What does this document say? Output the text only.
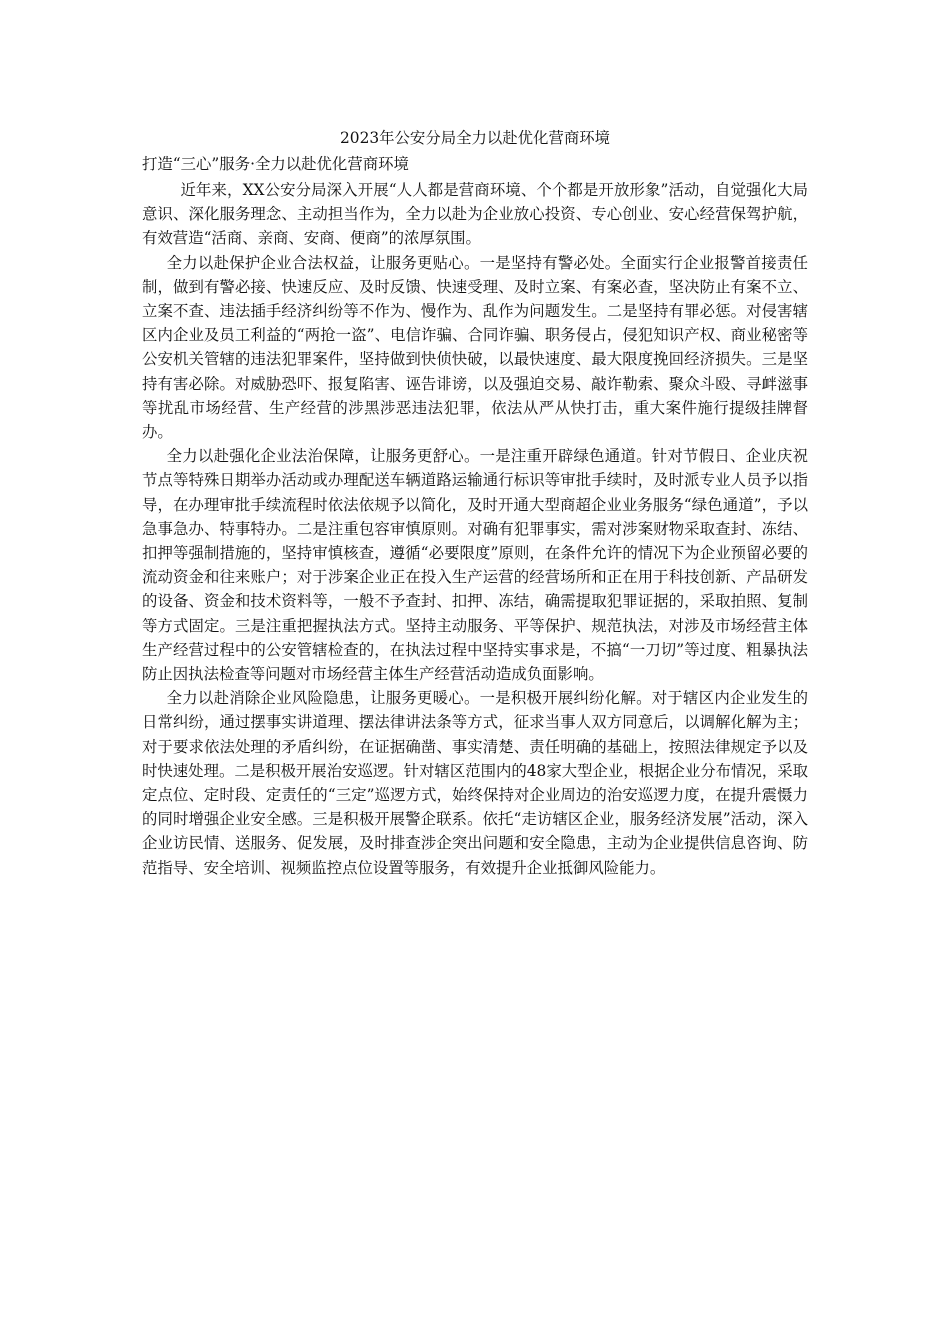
2023年公安分局全力以赴优化营商环境

打造“三心”服务·全力以赴优化营商环境

近年来，XX公安分局深入开展“人人都是营商环境、个个都是开放形象”活动，自觉强化大局意识、深化服务理念、主动担当作为，全力以赴为企业放心投资、专心创业、安心经营保驾护航，有效营造“活商、亲商、安商、便商”的浓厚氛围。

全力以赴保护企业合法权益，让服务更贴心。一是坚持有警必处。全面实行企业报警首接责任制，做到有警必接、快速反应、及时反馈、快速受理、及时立案、有案必查，坚决防止有案不立、立案不查、违法插手经济纠纷等不作为、慢作为、乱作为问题发生。二是坚持有罪必惩。对侵害辖区内企业及员工利益的“两抢一盗”、电信诈骗、合同诈骗、职务侵占，侵犯知识产权、商业秘密等公安机关管辖的违法犯罪案件，坚持做到快侦快破，以最快速度、最大限度挽回经济损失。三是坚持有害必除。对威胁恐吓、报复陷害、诬告诽谤，以及强迫交易、敲诈勒索、聚众斗殴、寻衅滋事等扰乱市场经营、生产经营的涉黑涉恶违法犯罪，依法从严从快打击，重大案件施行提级挂牌督办。

全力以赴强化企业法治保障，让服务更舒心。一是注重开辟绿色通道。针对节假日、企业庆祝节点等特殊日期举办活动或办理配送车辆道路运输通行标识等审批手续时，及时派专业人员予以指导，在办理审批手续流程时依法依规予以简化，及时开通大型商超企业业务服务“绿色通道”，予以急事急办、特事特办。二是注重包容审慎原则。对确有犯罪事实，需对涉案财物采取查封、冻结、扣押等强制措施的，坚持审慎核查，遵循“必要限度”原则，在条件允许的情况下为企业预留必要的流动资金和往来账户；对于涉案企业正在投入生产运营的经营场所和正在用于科技创新、产品研发的设备、资金和技术资料等，一般不予查封、扣押、冻结，确需提取犯罪证据的，采取拍照、复制等方式固定。三是注重把握执法方式。坚持主动服务、平等保护、规范执法，对涉及市场经营主体生产经营过程中的公安管辖检查的，在执法过程中坚持实事求是，不搞“一刀切”等过度、粗暴执法防止因执法检查等问题对市场经营主体生产经营活动造成负面影响。

全力以赴消除企业风险隐患，让服务更暖心。一是积极开展纠纷化解。对于辖区内企业发生的日常纠纷，通过摆事实讲道理、摆法律讲法条等方式，征求当事人双方同意后，以调解化解为主；对于要求依法处理的矛盾纠纷，在证据确凿、事实清楚、责任明确的基础上，按照法律规定予以及时快速处理。二是积极开展治安巡逻。针对辖区范围内的48家大型企业，根据企业分布情况，采取定点位、定时段、定责任的“三定”巡逻方式，始终保持对企业周边的治安巡逻力度，在提升震慑力的同时增强企业安全感。三是积极开展警企联系。依托“走访辖区企业，服务经济发展”活动，深入企业访民情、送服务、促发展，及时排查涉企突出问题和安全隐患，主动为企业提供信息咨询、防范指导、安全培训、视频监控点位设置等服务，有效提升企业抵御风险能力。
